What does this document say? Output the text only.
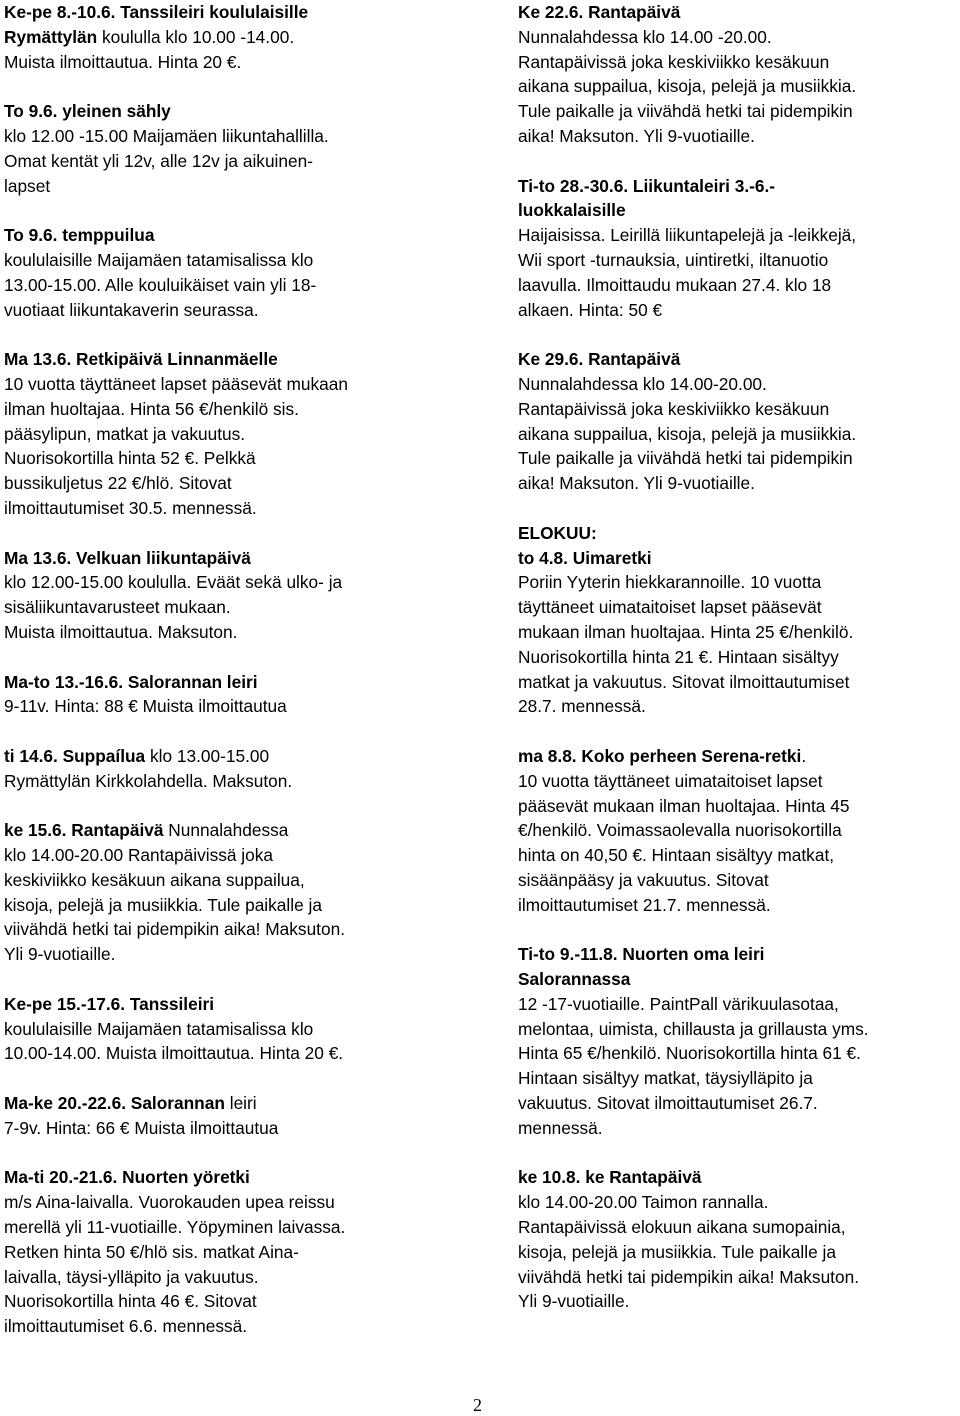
Ke-pe 8.-10.6. Tanssileiri koululaisille
Rymättylän koululla klo 10.00 -14.00.
Muista ilmoittautua. Hinta 20 €.
To 9.6. yleinen sähly
klo 12.00 -15.00 Maijamäen liikuntahallilla.
Omat kentät yli 12v, alle 12v ja aikuinen-
lapset
To 9.6. temppuilua
koululaisille Maijamäen tatamisalissa klo
13.00-15.00. Alle kouluikäiset vain yli 18-
vuotiaat liikuntakaverin seurassa.
Ma 13.6. Retkipäivä Linnanmäelle
10 vuotta täyttäneet lapset pääsevät mukaan
ilman huoltajaa. Hinta 56 €/henkilö sis.
pääsylipun, matkat ja vakuutus.
Nuorisokortilla hinta 52 €. Pelkkä
bussikuljetus 22 €/hlö. Sitovat
ilmoittautumiset 30.5. mennessä.
Ma 13.6. Velkuan liikuntapäivä
klo 12.00-15.00 koululla. Eväät sekä ulko- ja
sisäliikuntavarusteet mukaan.
Muista ilmoittautua. Maksuton.
Ma-to 13.-16.6. Salorannan leiri
9-11v. Hinta: 88 € Muista ilmoittautua
ti 14.6. Suppaílua klo 13.00-15.00
Rymättylän Kirkkolahdella. Maksuton.
ke 15.6. Rantapäivä Nunnalahdessa
klo 14.00-20.00 Rantapäivissä joka
keskiviikko kesäkuun aikana suppailua,
kisoja, pelejä ja musiikkia. Tule paikalle ja
viivähdä hetki tai pidempikin aika! Maksuton.
Yli 9-vuotiaille.
Ke-pe 15.-17.6. Tanssileiri
koululaisille Maijamäen tatamisalissa klo
10.00-14.00. Muista ilmoittautua. Hinta 20 €.
Ma-ke 20.-22.6. Salorannan leiri
7-9v. Hinta: 66 € Muista ilmoittautua
Ma-ti 20.-21.6. Nuorten yöretki
m/s Aina-laivalla. Vuorokauden upea reissu
merellä yli 11-vuotiaille. Yöpyminen laivassa.
Retken hinta 50 €/hlö sis. matkat Aina-
laivalla, täysi-ylläpito ja vakuutus.
Nuorisokortilla hinta 46 €. Sitovat
ilmoittautumiset 6.6. mennessä.
Ke 22.6. Rantapäivä
Nunnalahdessa klo 14.00 -20.00.
Rantapäivissä joka keskiviikko kesäkuun
aikana suppailua, kisoja, pelejä ja musiikkia.
Tule paikalle ja viivähdä hetki tai pidempikin
aika! Maksuton. Yli 9-vuotiaille.
Ti-to 28.-30.6. Liikuntaleiri 3.-6.-
luokkalaisille
Haijaisissa. Leirillä liikuntapelejä ja -leikkejä,
Wii sport -turnauksia, uintiretki, iltanuotio
laavulla. Ilmoittaudu mukaan 27.4. klo 18
alkaen. Hinta: 50 €
Ke 29.6. Rantapäivä
Nunnalahdessa klo 14.00-20.00.
Rantapäivissä joka keskiviikko kesäkuun
aikana suppailua, kisoja, pelejä ja musiikkia.
Tule paikalle ja viivähdä hetki tai pidempikin
aika! Maksuton. Yli 9-vuotiaille.
ELOKUU:
to 4.8. Uimaretki
Poriin Yyterin hiekkarannoille. 10 vuotta
täyttäneet uimataitoiset lapset pääsevät
mukaan ilman huoltajaa. Hinta 25 €/henkilö.
Nuorisokortilla hinta 21 €. Hintaan sisältyy
matkat ja vakuutus. Sitovat ilmoittautumiset
28.7. mennessä.
ma 8.8. Koko perheen Serena-retki.
10 vuotta täyttäneet uimataitoiset lapset
pääsevät mukaan ilman huoltajaa. Hinta 45
€/henkilö. Voimassaolevalla nuorisokortilla
hinta on 40,50 €. Hintaan sisältyy matkat,
sisäänpääsy ja vakuutus. Sitovat
ilmoittautumiset 21.7. mennessä.
Ti-to 9.-11.8. Nuorten oma leiri
Salorannassa
12 -17-vuotiaille. PaintPall värikuulasotaa,
melontaa, uimista, chillausta ja grillausta yms.
Hinta 65 €/henkilö. Nuorisokortilla hinta 61 €.
Hintaan sisältyy matkat, täysiylläpito ja
vakuutus. Sitovat ilmoittautumiset 26.7.
mennessä.
ke 10.8. ke Rantapäivä
klo 14.00-20.00 Taimon rannalla.
Rantapäivissä elokuun aikana sumopainia,
kisoja, pelejä ja musiikkia. Tule paikalle ja
viivähdä hetki tai pidempikin aika! Maksuton.
Yli 9-vuotiaille.
2
